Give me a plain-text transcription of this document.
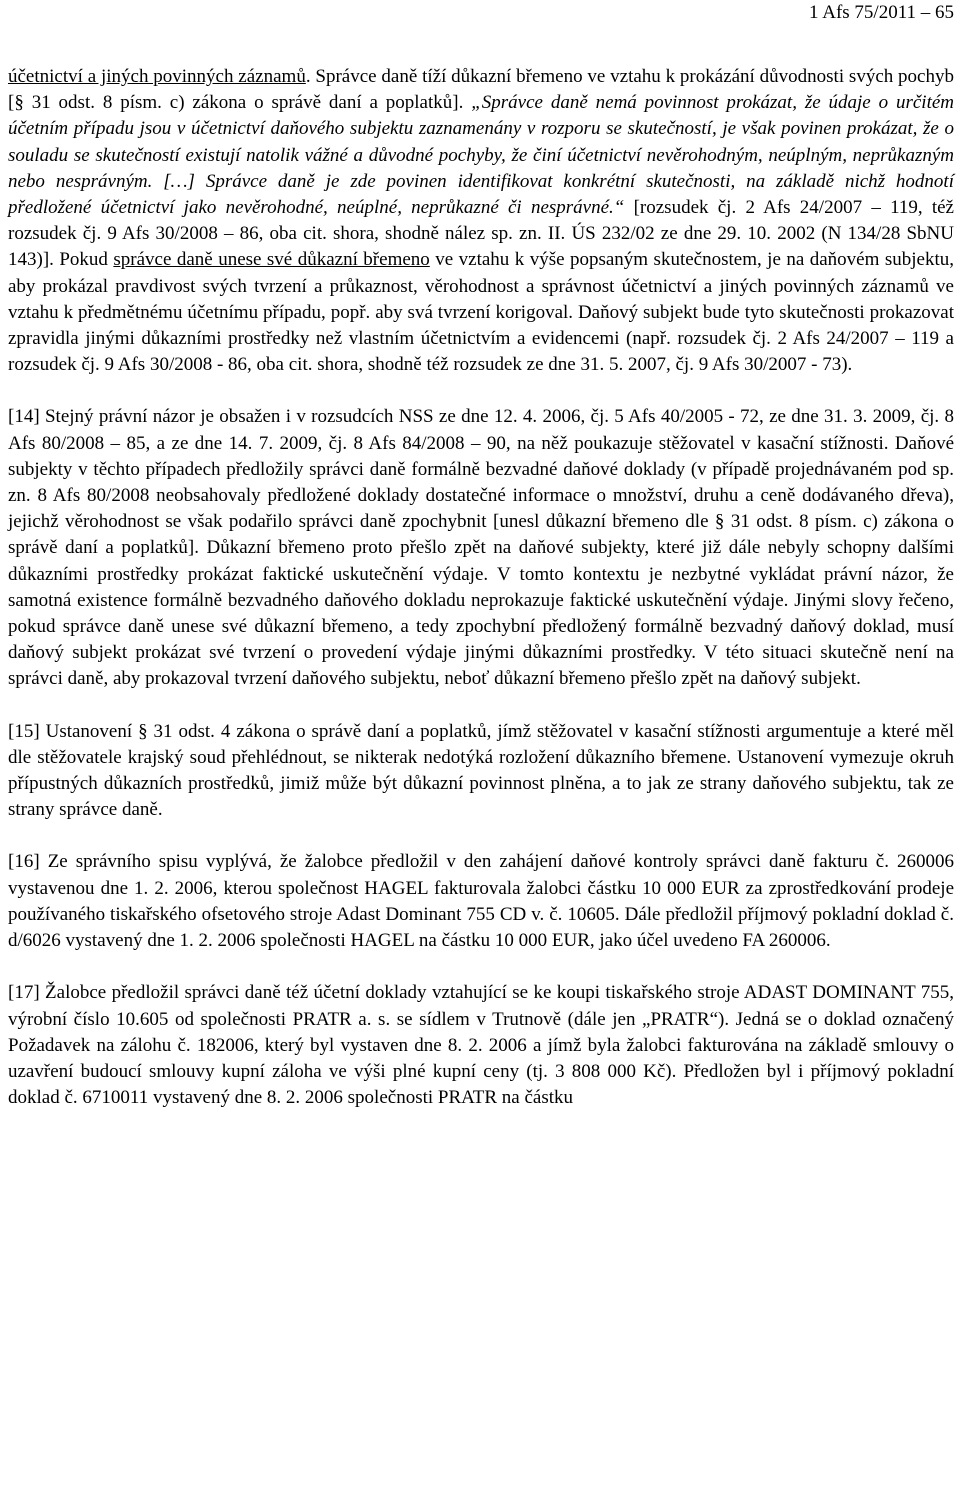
1 Afs 75/2011 – 65

účetnictví a jiných povinných záznamů. Správce daně tíží důkazní břemeno ve vztahu k prokázání důvodnosti svých pochyb [§ 31 odst. 8 písm. c) zákona o správě daní a poplatků]. „Správce daně nemá povinnost prokázat, že údaje o určitém účetním případu jsou v účetnictví daňového subjektu zaznamenány v rozporu se skutečností, je však povinen prokázat, že o souladu se skutečností existují natolik vážné a důvodné pochyby, že činí účetnictví nevěrohodným, neúplným, neprůkazným nebo nesprávným. […] Správce daně je zde povinen identifikovat konkrétní skutečnosti, na základě nichž hodnotí předložené účetnictví jako nevěrohodné, neúplné, neprůkazné či nesprávné.“ [rozsudek čj. 2 Afs 24/2007 – 119, též rozsudek čj. 9 Afs 30/2008 – 86, oba cit. shora, shodně nález sp. zn. II. ÚS 232/02 ze dne 29. 10. 2002 (N 134/28 SbNU 143)]. Pokud správce daně unese své důkazní břemeno ve vztahu k výše popsaným skutečnostem, je na daňovém subjektu, aby prokázal pravdivost svých tvrzení a průkaznost, věrohodnost a správnost účetnictví a jiných povinných záznamů ve vztahu k předmětnému účetnímu případu, popř. aby svá tvrzení korigoval. Daňový subjekt bude tyto skutečnosti prokazovat zpravidla jinými důkazními prostředky než vlastním účetnictvím a evidencemi (např. rozsudek čj. 2 Afs 24/2007 – 119 a rozsudek čj. 9 Afs 30/2008 - 86, oba cit. shora, shodně též rozsudek ze dne 31. 5. 2007, čj. 9 Afs 30/2007 - 73).

[14] Stejný právní názor je obsažen i v rozsudcích NSS ze dne 12. 4. 2006, čj. 5 Afs 40/2005 - 72, ze dne 31. 3. 2009, čj. 8 Afs 80/2008 – 85, a ze dne 14. 7. 2009, čj. 8 Afs 84/2008 – 90, na něž poukazuje stěžovatel v kasační stížnosti. Daňové subjekty v těchto případech předložily správci daně formálně bezvadné daňové doklady (v případě projednávaném pod sp. zn. 8 Afs 80/2008 neobsahovaly předložené doklady dostatečné informace o množství, druhu a ceně dodávaného dřeva), jejichž věrohodnost se však podařilo správci daně zpochybnit [unesl důkazní břemeno dle § 31 odst. 8 písm. c) zákona o správě daní a poplatků]. Důkazní břemeno proto přešlo zpět na daňové subjekty, které již dále nebyly schopny dalšími důkazními prostředky prokázat faktické uskutečnění výdaje. V tomto kontextu je nezbytné vykládat právní názor, že samotná existence formálně bezvadného daňového dokladu neprokazuje faktické uskutečnění výdaje. Jinými slovy řečeno, pokud správce daně unese své důkazní břemeno, a tedy zpochybní předložený formálně bezvadný daňový doklad, musí daňový subjekt prokázat své tvrzení o provedení výdaje jinými důkazními prostředky. V této situaci skutečně není na správci daně, aby prokazoval tvrzení daňového subjektu, neboť důkazní břemeno přešlo zpět na daňový subjekt.

[15] Ustanovení § 31 odst. 4 zákona o správě daní a poplatků, jímž stěžovatel v kasační stížnosti argumentuje a které měl dle stěžovatele krajský soud přehlédnout, se nikterak nedotýká rozložení důkazního břemene. Ustanovení vymezuje okruh přípustných důkazních prostředků, jimiž může být důkazní povinnost plněna, a to jak ze strany daňového subjektu, tak ze strany správce daně.

[16] Ze správního spisu vyplývá, že žalobce předložil v den zahájení daňové kontroly správci daně fakturu č. 260006 vystavenou dne 1. 2. 2006, kterou společnost HAGEL fakturovala žalobci částku 10 000 EUR za zprostředkování prodeje používaného tiskařského ofsetového stroje Adast Dominant 755 CD v. č. 10605. Dále předložil příjmový pokladní doklad č. d/6026 vystavený dne 1. 2. 2006 společnosti HAGEL na částku 10 000 EUR, jako účel uvedeno FA 260006.

[17] Žalobce předložil správci daně též účetní doklady vztahující se ke koupi tiskařského stroje ADAST DOMINANT 755, výrobní číslo 10.605 od společnosti PRATR a. s. se sídlem v Trutnově (dále jen „PRATR“). Jedná se o doklad označený Požadavek na zálohu č. 182006, který byl vystaven dne 8. 2. 2006 a jímž byla žalobci fakturována na základě smlouvy o uzavření budoucí smlouvy kupní záloha ve výši plné kupní ceny (tj. 3 808 000 Kč). Předložen byl i příjmový pokladní doklad č. 6710011 vystavený dne 8. 2. 2006 společnosti PRATR na částku
